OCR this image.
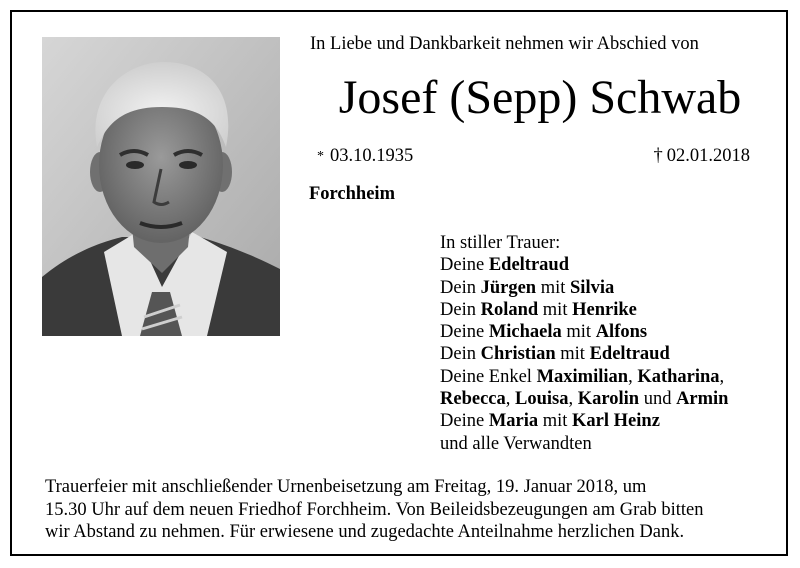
In Liebe und Dankbarkeit nehmen wir Abschied von
Josef (Sepp) Schwab
* 03.10.1935	† 02.01.2018
Forchheim
In stiller Trauer:
Deine Edeltraud
Dein Jürgen mit Silvia
Dein Roland mit Henrike
Deine Michaela mit Alfons
Dein Christian mit Edeltraud
Deine Enkel Maximilian, Katharina,
Rebecca, Louisa, Karolin und Armin
Deine Maria mit Karl Heinz
und alle Verwandten
Trauerfeier mit anschließender Urnenbeisetzung am Freitag, 19. Januar 2018, um
15.30 Uhr auf dem neuen Friedhof Forchheim. Von Beileidsbezeugungen am Grab bitten
wir Abstand zu nehmen. Für erwiesene und zugedachte Anteilnahme herzlichen Dank.
